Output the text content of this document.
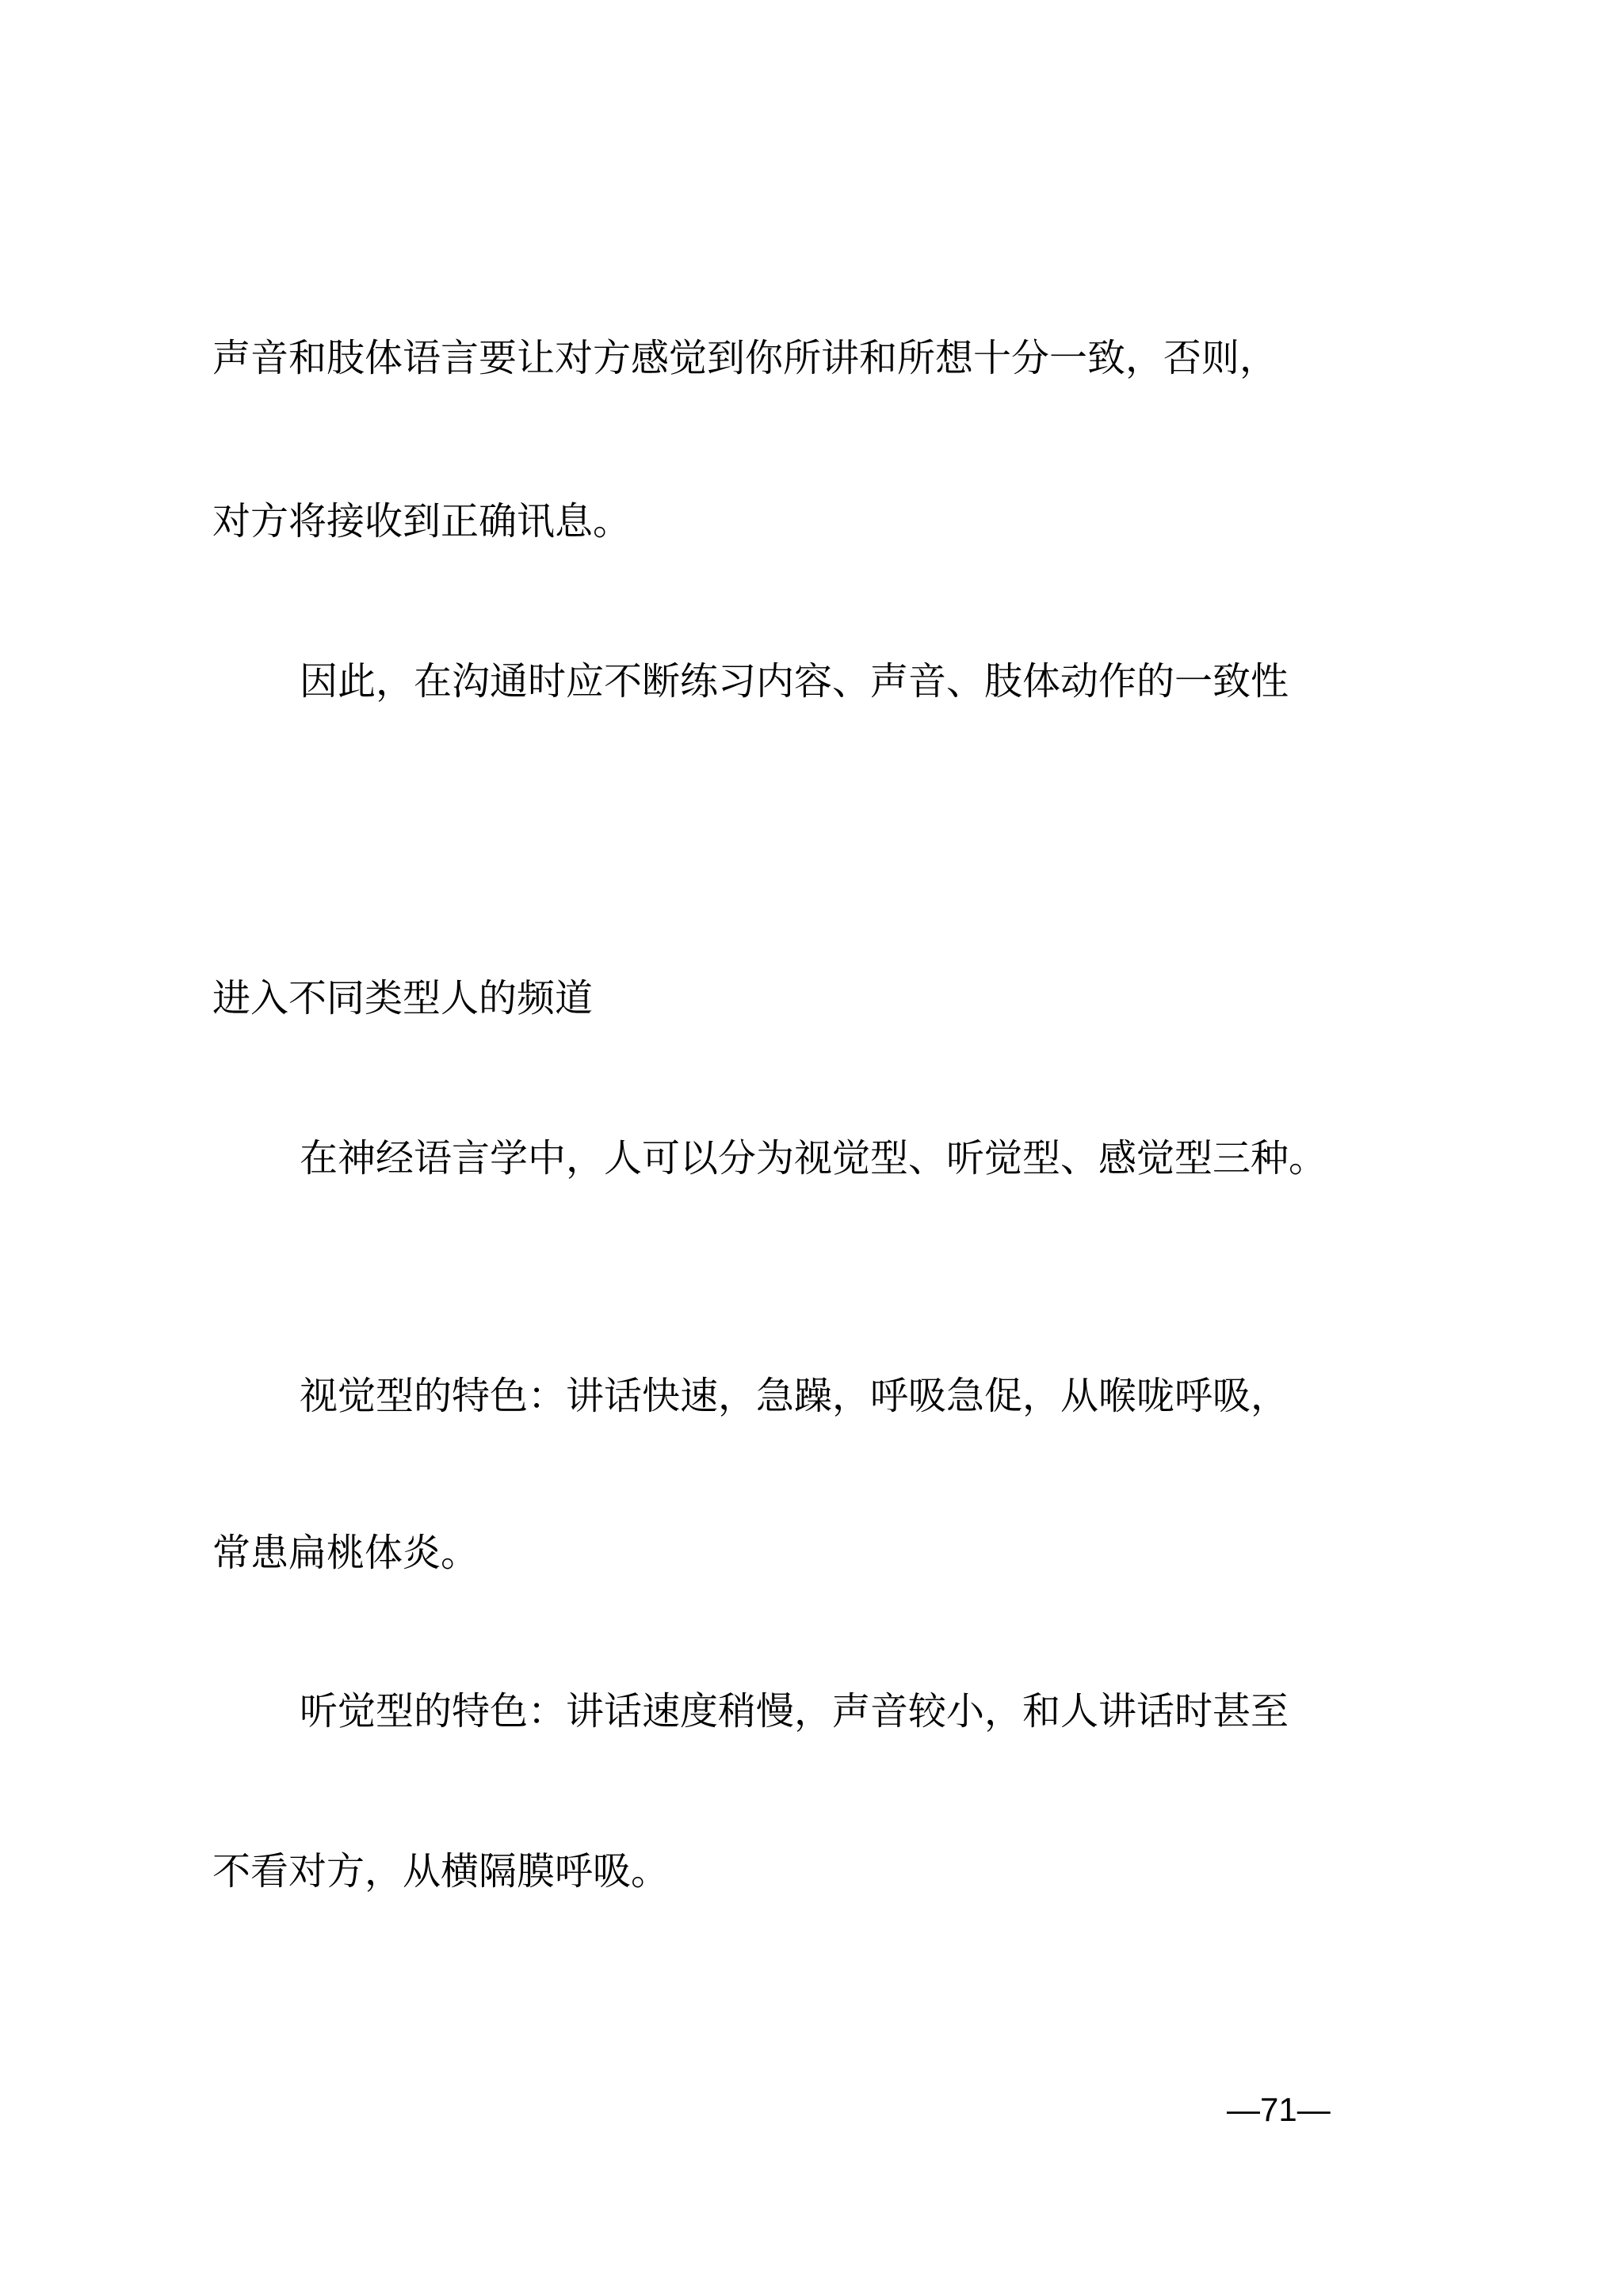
声音和肢体语言要让对方感觉到你所讲和所想十分一致，否则，
对方将接收到正确讯息。
因此，在沟通时应不断练习内容、声音、肢体动作的一致性
进入不同类型人的频道
在神经语言学中，人可以分为视觉型、听觉型、感觉型三种。
视觉型的特色：讲话快速，急躁，呼吸急促，从喉咙呼吸，
常患扁桃体炎。
听觉型的特色：讲话速度稍慢，声音较小，和人讲话时甚至
不看对方，从横隔膜呼吸。
—71—
